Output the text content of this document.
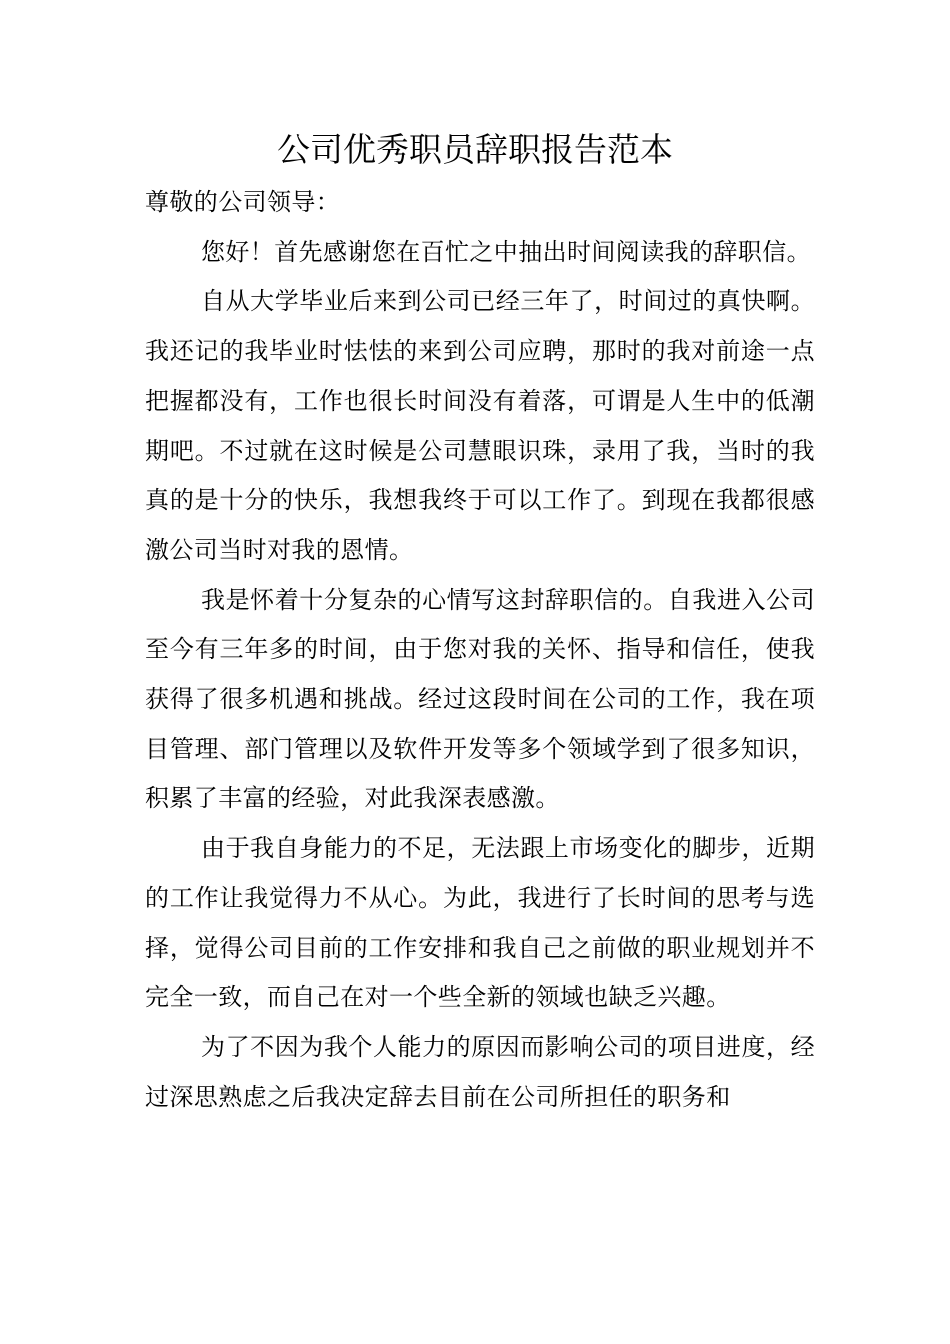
公司优秀职员辞职报告范本

尊敬的公司领导：

您好！首先感谢您在百忙之中抽出时间阅读我的辞职信。

自从大学毕业后来到公司已经三年了，时间过的真快啊。我还记的我毕业时怯怯的来到公司应聘，那时的我对前途一点把握都没有，工作也很长时间没有着落，可谓是人生中的低潮期吧。不过就在这时候是公司慧眼识珠，录用了我，当时的我真的是十分的快乐，我想我终于可以工作了。到现在我都很感激公司当时对我的恩情。

我是怀着十分复杂的心情写这封辞职信的。自我进入公司至今有三年多的时间，由于您对我的关怀、指导和信任，使我获得了很多机遇和挑战。经过这段时间在公司的工作，我在项目管理、部门管理以及软件开发等多个领域学到了很多知识，积累了丰富的经验，对此我深表感激。

由于我自身能力的不足，无法跟上市场变化的脚步，近期的工作让我觉得力不从心。为此，我进行了长时间的思考与选择，觉得公司目前的工作安排和我自己之前做的职业规划并不完全一致，而自己在对一个些全新的领域也缺乏兴趣。

为了不因为我个人能力的原因而影响公司的项目进度，经过深思熟虑之后我决定辞去目前在公司所担任的职务和
